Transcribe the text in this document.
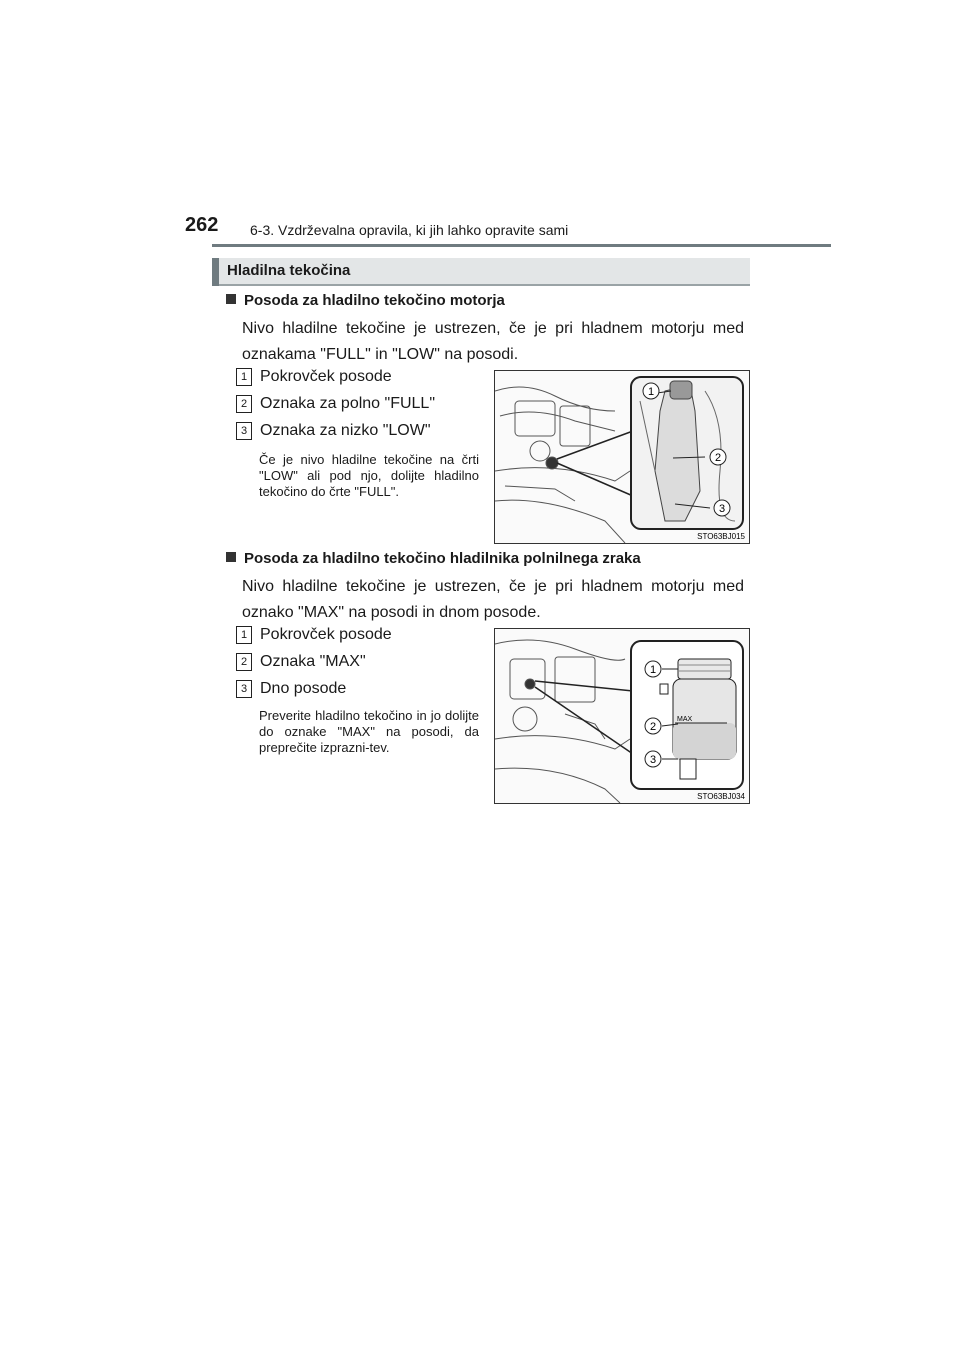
262 6-3. Vzdrževalna opravila, ki jih lahko opravite sami
Hladilna tekočina
Posoda za hladilno tekočino motorja
Nivo hladilne tekočine je ustrezen, če je pri hladnem motorju med oznakama "FULL" in "LOW" na posodi.
1 Pokrovček posode
2 Oznaka za polno "FULL"
3 Oznaka za nizko "LOW"
Če je nivo hladilne tekočine na črti "LOW" ali pod njo, dolijte hladilno tekočino do črte "FULL".
1
2
3
STO63BJ015
Posoda za hladilno tekočino hladilnika polnilnega zraka
Nivo hladilne tekočine je ustrezen, če je pri hladnem motorju med oznako "MAX" na posodi in dnom posode.
1 Pokrovček posode
2 Oznaka "MAX"
3 Dno posode
Preverite hladilno tekočino in jo dolijte do oznake "MAX" na posodi, da preprečite izprazni-tev.
MAX
1
2
3
STO63BJ034
